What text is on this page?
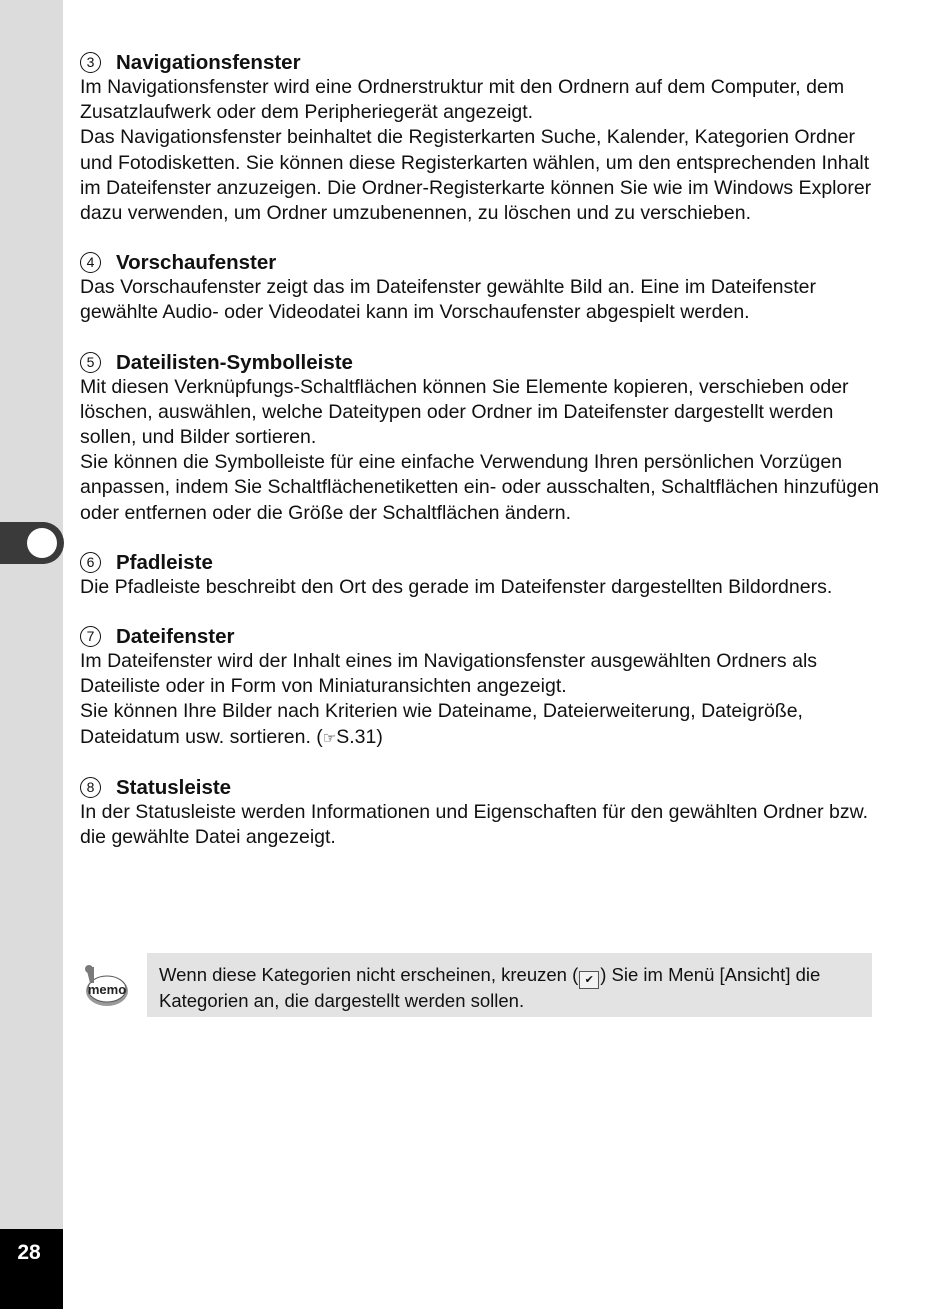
28
3	Navigationsfenster

Im Navigationsfenster wird eine Ordnerstruktur mit den Ordnern auf dem Computer, dem Zusatzlaufwerk oder dem Peripheriegerät angezeigt.

Das Navigationsfenster beinhaltet die Registerkarten Suche, Kalender, Kategorien Ordner und Fotodisketten. Sie können diese Registerkarten wählen, um den entsprechenden Inhalt im Dateifenster anzuzeigen. Die Ordner-Registerkarte können Sie wie im Windows Explorer dazu verwenden, um Ordner umzubenennen, zu löschen und zu verschieben.

4	Vorschaufenster

Das Vorschaufenster zeigt das im Dateifenster gewählte Bild an. Eine im Dateifenster gewählte Audio- oder Videodatei kann im Vorschaufenster abgespielt werden.

5	Dateilisten-Symbolleiste

Mit diesen Verknüpfungs-Schaltflächen können Sie Elemente kopieren, verschieben oder löschen, auswählen, welche Dateitypen oder Ordner im Dateifenster dargestellt werden sollen, und Bilder sortieren.

Sie können die Symbolleiste für eine einfache Verwendung Ihren persönlichen Vorzügen anpassen, indem Sie Schaltflächenetiketten ein- oder ausschalten, Schaltflächen hinzufügen oder entfernen oder die Größe der Schaltflächen ändern.

6	Pfadleiste

Die Pfadleiste beschreibt den Ort des gerade im Dateifenster dargestellten Bildordners.

7	Dateifenster

Im Dateifenster wird der Inhalt eines im Navigationsfenster ausgewählten Ordners als Dateiliste oder in Form von Miniaturansichten angezeigt.

Sie können Ihre Bilder nach Kriterien wie Dateiname, Dateierweiterung, Dateigröße, Dateidatum usw. sortieren. (☞S.31)

8	Statusleiste

In der Statusleiste werden Informationen und Eigenschaften für den gewählten Ordner bzw. die gewählte Datei angezeigt.

memo
Wenn diese Kategorien nicht erscheinen, kreuzen ( ✔ ) Sie im Menü [Ansicht] die Kategorien an, die dargestellt werden sollen.
